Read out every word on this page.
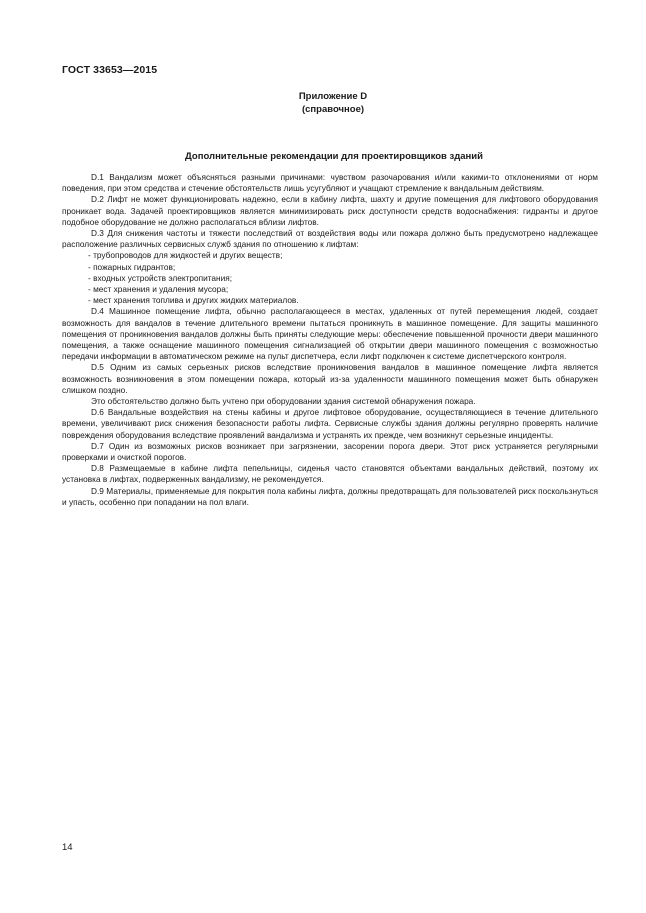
ГОСТ 33653—2015
Приложение D
(справочное)
Дополнительные рекомендации для проектировщиков зданий

D.1 Вандализм может объясняться разными причинами: чувством разочарования и/или какими-то отклонениями от норм поведения, при этом средства и стечение обстоятельств лишь усугубляют и учащают стремление к вандальным действиям.

D.2 Лифт не может функционировать надежно, если в кабину лифта, шахту и другие помещения для лифтового оборудования проникает вода. Задачей проектировщиков является минимизировать риск доступности средств водоснабжения: гидранты и другое подобное оборудование не должно располагаться вблизи лифтов.

D.3 Для снижения частоты и тяжести последствий от воздействия воды или пожара должно быть предусмотрено надлежащее расположение различных сервисных служб здания по отношению к лифтам:

- трубопроводов для жидкостей и других веществ;

- пожарных гидрантов;

- входных устройств электропитания;

- мест хранения и удаления мусора;

- мест хранения топлива и других жидких материалов.

D.4 Машинное помещение лифта, обычно располагающееся в местах, удаленных от путей перемещения людей, создает возможность для вандалов в течение длительного времени пытаться проникнуть в машинное помещение. Для защиты машинного помещения от проникновения вандалов должны быть приняты следующие меры: обеспечение повышенной прочности двери машинного помещения, а также оснащение машинного помещения сигнализацией об открытии двери машинного помещения с возможностью передачи информации в автоматическом режиме на пульт диспетчера, если лифт подключен к системе диспетчерского контроля.

D.5 Одним из самых серьезных рисков вследствие проникновения вандалов в машинное помещение лифта является возможность возникновения в этом помещении пожара, который из-за удаленности машинного помещения может быть обнаружен слишком поздно.

Это обстоятельство должно быть учтено при оборудовании здания системой обнаружения пожара.

D.6 Вандальные воздействия на стены кабины и другое лифтовое оборудование, осуществляющиеся в течение длительного времени, увеличивают риск снижения безопасности работы лифта. Сервисные службы здания должны регулярно проверять наличие повреждения оборудования вследствие проявлений вандализма и устранять их прежде, чем возникнут серьезные инциденты.

D.7 Один из возможных рисков возникает при загрязнении, засорении порога двери. Этот риск устраняется регулярными проверками и очисткой порогов.

D.8 Размещаемые в кабине лифта пепельницы, сиденья часто становятся объектами вандальных действий, поэтому их установка в лифтах, подверженных вандализму, не рекомендуется.

D.9 Материалы, применяемые для покрытия пола кабины лифта, должны предотвращать для пользователей риск поскользнуться и упасть, особенно при попадании на пол влаги.

14
